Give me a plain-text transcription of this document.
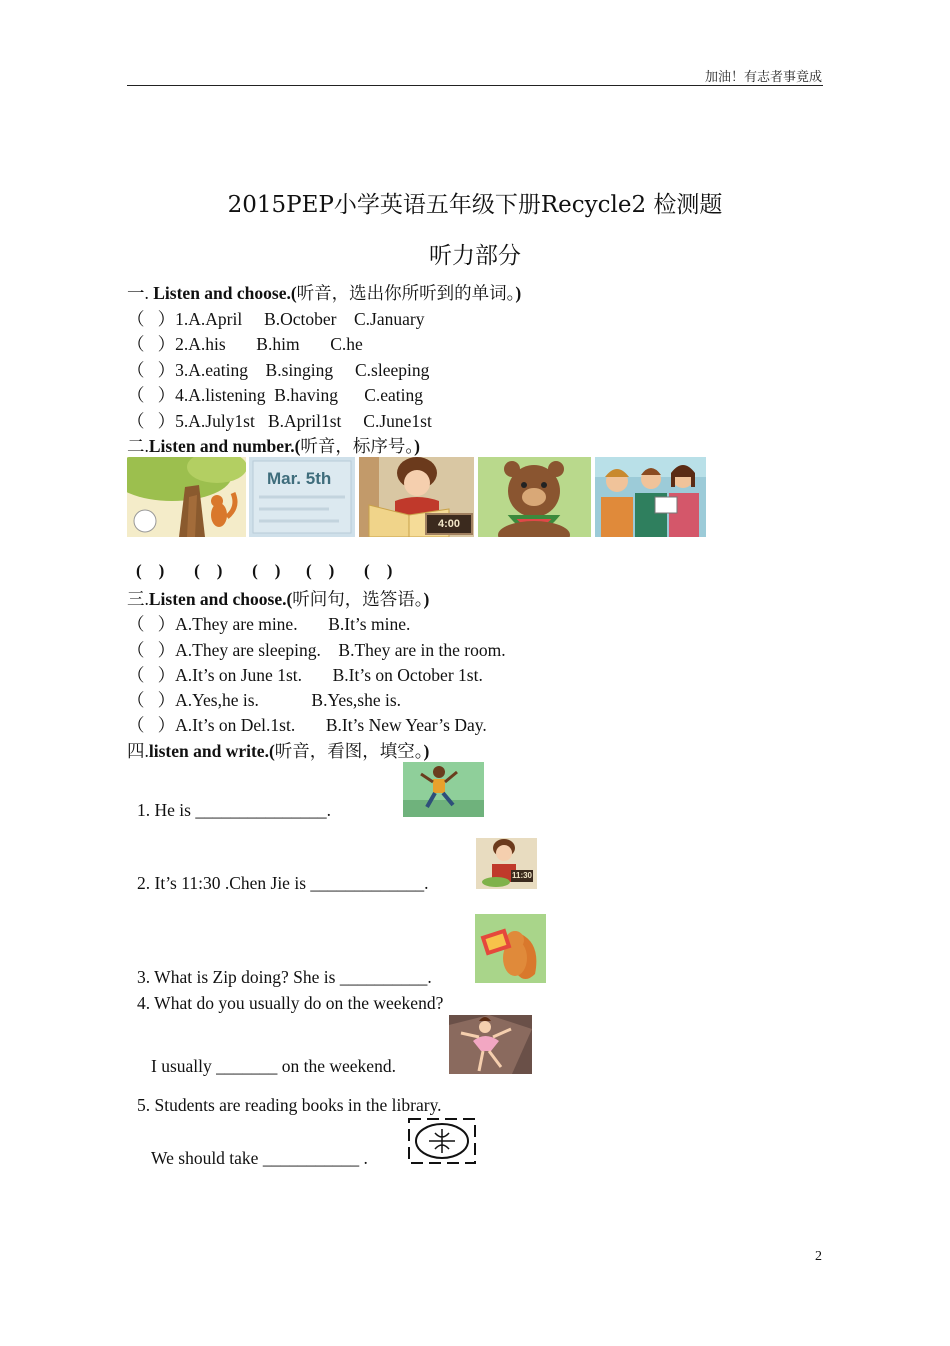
加油！有志者事竟成
2015PEP小学英语五年级下册Recycle2 检测题
听力部分
一. Listen and choose.(听音，选出你所听到的单词。)
（   ）1.A.April     B.October    C.January
（   ）2.A.his       B.him       C.he
（   ）3.A.eating    B.singing     C.sleeping
（   ）4.A.listening  B.having      C.eating
（   ）5.A.July1st   B.April1st     C.June1st
二.Listen and number.(听音，标序号。)
Mar. 5th
4:00
(    )       (    )       (    )      (    )       (    )
三.Listen and choose.(听问句，选答语。)
（   ）A.They are mine.       B.It’s mine.
（   ）A.They are sleeping.    B.They are in the room.
（   ）A.It’s on June 1st.       B.It’s on October 1st.
（   ）A.Yes,he is.            B.Yes,she is.
（   ）A.It’s on Del.1st.       B.It’s New Year’s Day.
四.listen and write.(听音，看图，填空。)
1. He is _______________.
2. It’s 11:30 .Chen Jie is _____________.	11:30
3. What is Zip doing? She is __________.
4. What do you usually do on the weekend?
I usually _______ on the weekend.
5. Students are reading books in the library.
We should take ___________ .
2
